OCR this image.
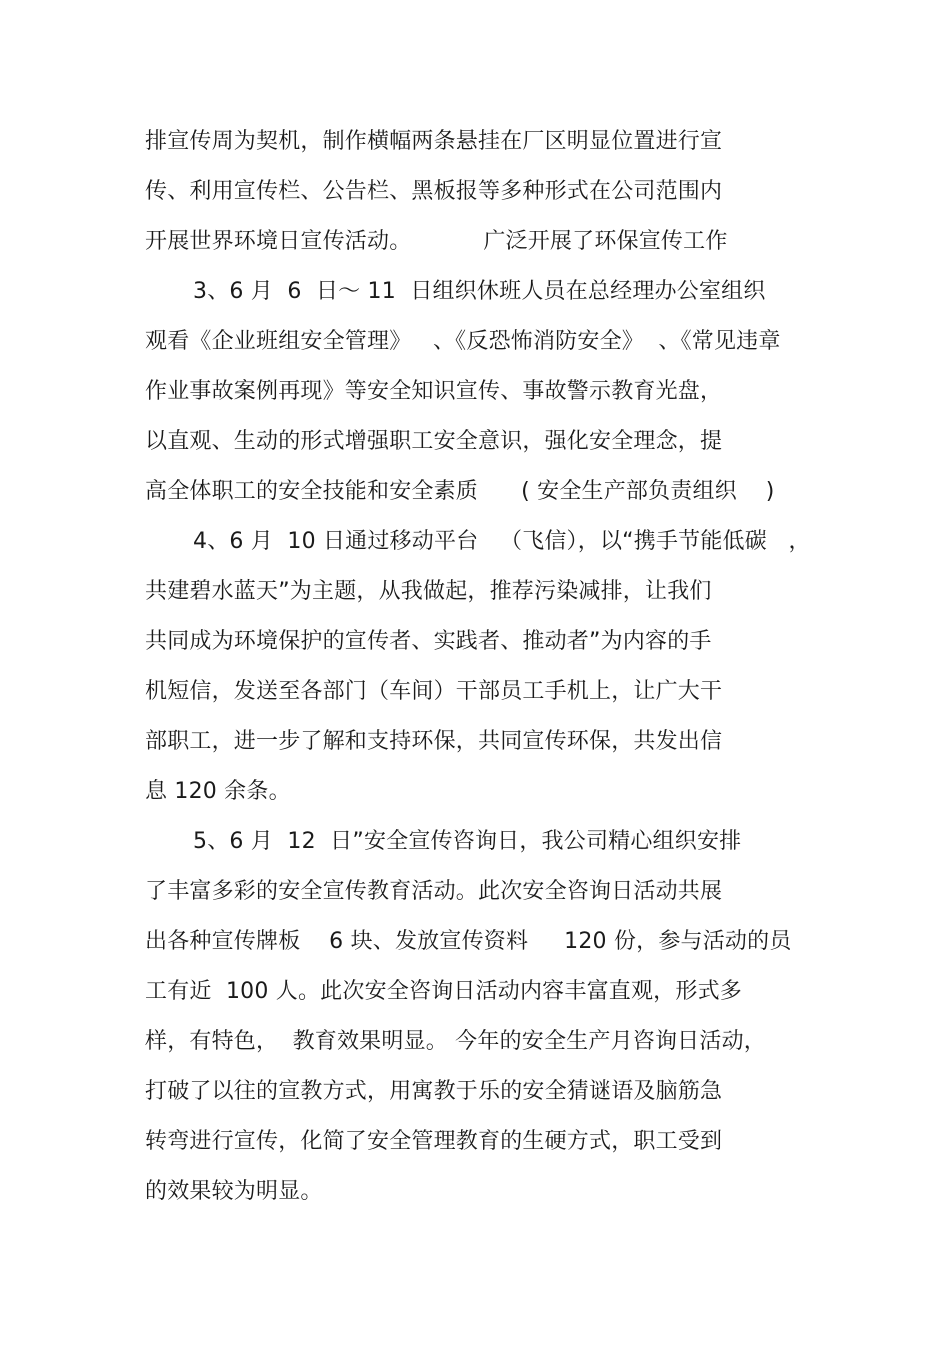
排宣传周为契机，制作横幅两条悬挂在厂区明显位置进行宣
传、利用宣传栏、公告栏、黑板报等多种形式在公司范围内
开展世界环境日宣传活动。          广泛开展了环保宣传工作
3、6 月  6  日～ 11  日组织休班人员在总经理办公室组织
观看《企业班组安全管理》   、《反恐怖消防安全》  、《常见违章
作业事故案例再现》等安全知识宣传、事故警示教育光盘，
以直观、生动的形式增强职工安全意识，强化安全理念，提
高全体职工的安全技能和安全素质      ( 安全生产部负责组织    )
4、6 月  10 日通过移动平台   （飞信），以“携手节能低碳   ，
共建碧水蓝天”为主题，从我做起，推荐污染减排，让我们
共同成为环境保护的宣传者、实践者、推动者”为内容的手
机短信，发送至各部门（车间）干部员工手机上，让广大干
部职工，进一步了解和支持环保，共同宣传环保，共发出信
息 120 余条。
5、6 月  12  日”安全宣传咨询日，我公司精心组织安排
了丰富多彩的安全宣传教育活动。此次安全咨询日活动共展
出各种宣传牌板    6 块、发放宣传资料     120 份，参与活动的员
工有近  100 人。此次安全咨询日活动内容丰富直观，形式多
样，有特色，  教育效果明显。 今年的安全生产月咨询日活动，
打破了以往的宣教方式，用寓教于乐的安全猜谜语及脑筋急
转弯进行宣传，化简了安全管理教育的生硬方式，职工受到
的效果较为明显。
